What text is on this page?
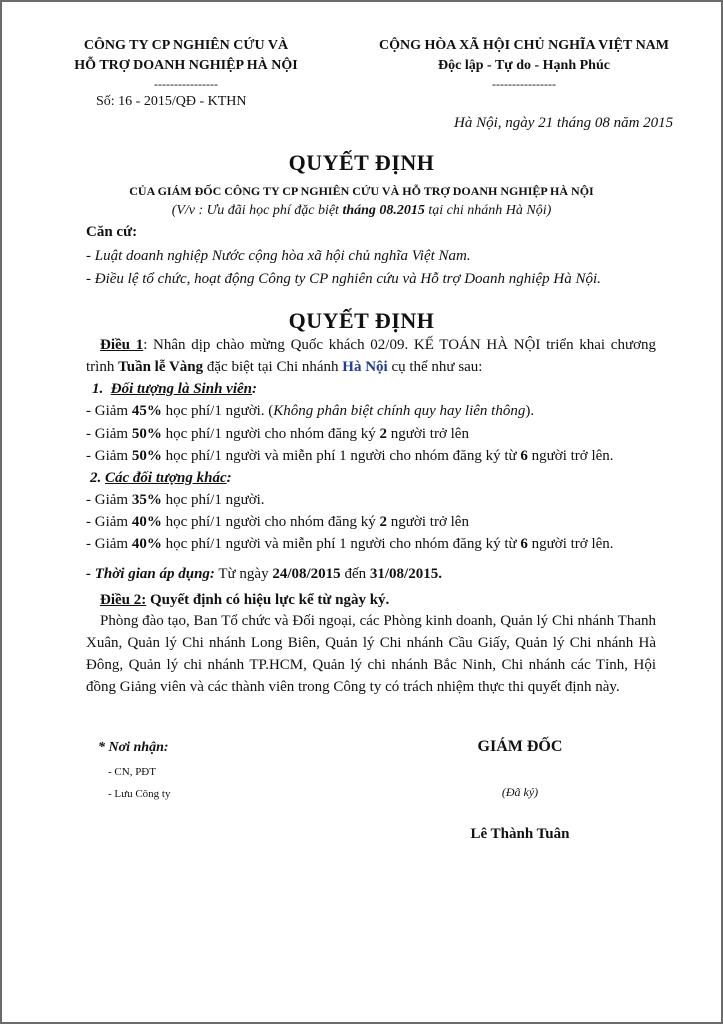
CÔNG TY CP NGHIÊN CỨU VÀ
HỖ TRỢ DOANH NGHIỆP HÀ NỘI
----------------
Số: 16 - 2015/QĐ - KTHN
CỘNG HÒA XÃ HỘI CHỦ NGHĨA VIỆT NAM
Độc lập - Tự do - Hạnh Phúc
----------------
Hà Nội, ngày 21 tháng 08 năm 2015
QUYẾT ĐỊNH
CỦA GIÁM ĐỐC CÔNG TY CP NGHIÊN CỨU VÀ HỖ TRỢ DOANH NGHIỆP HÀ NỘI
(V/v : Ưu đãi học phí đặc biệt tháng 08.2015 tại chi nhánh Hà Nội)
Căn cứ:
- Luật doanh nghiệp Nước cộng hòa xã hội chủ nghĩa Việt Nam.
- Điều lệ tổ chức, hoạt động Công ty CP nghiên cứu và Hỗ trợ Doanh nghiệp Hà Nội.
QUYẾT ĐỊNH
Điều 1: Nhân dịp chào mừng Quốc khách 02/09. KẾ TOÁN HÀ NỘI triển khai chương trình Tuần lễ Vàng đặc biệt tại Chi nhánh Hà Nội cụ thể như sau:
1. Đối tượng là Sinh viên:
- Giảm 45% học phí/1 người. (Không phân biệt chính quy hay liên thông).
- Giảm 50% học phí/1 người cho nhóm đăng ký 2 người trở lên
- Giảm 50% học phí/1 người và miễn phí 1 người cho nhóm đăng ký từ 6 người trở lên.
2. Các đối tượng khác:
- Giảm 35% học phí/1 người.
- Giảm 40% học phí/1 người cho nhóm đăng ký 2 người trở lên
- Giảm 40% học phí/1 người và miễn phí 1 người cho nhóm đăng ký từ 6 người trở lên.
- Thời gian áp dụng: Từ ngày 24/08/2015 đến 31/08/2015.
Điều 2: Quyết định có hiệu lực kể từ ngày ký.
Phòng đào tạo, Ban Tổ chức và Đối ngoại, các Phòng kinh doanh, Quản lý Chi nhánh Thanh Xuân, Quản lý Chi nhánh Long Biên, Quản lý Chi nhánh Cầu Giấy, Quản lý Chi nhánh Hà Đông, Quản lý chi nhánh TP.HCM, Quản lý chi nhánh Bắc Ninh, Chi nhánh các Tỉnh, Hội đồng Giảng viên và các thành viên trong Công ty có trách nhiệm thực thi quyết định này.
* Nơi nhận:
- CN, PĐT
- Lưu Công ty
GIÁM ĐỐC
(Đã ký)
Lê Thành Tuân
